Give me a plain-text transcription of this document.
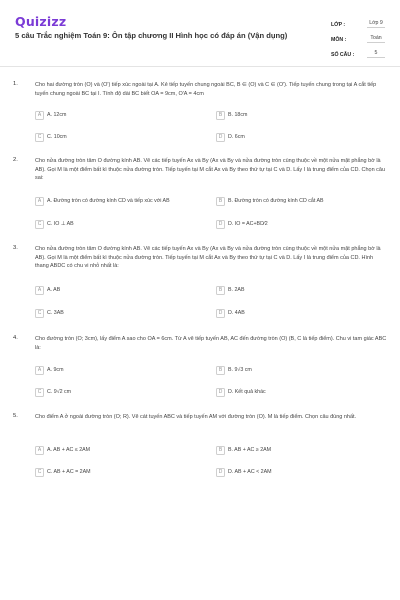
Quizizz
5 câu Trắc nghiệm Toán 9: Ôn tập chương II Hình học có đáp án (Vận dụng)
LỚP :	Lớp 9
MÔN :	Toán
SỐ CÂU :	5
1.	Cho hai đường tròn (O) và (O') tiếp xúc ngoài tại A. Kẻ tiếp tuyến chung ngoài BC, B ∈ (O) và C ∈ (O'). Tiếp tuyến chung trong tại A cắt tiếp tuyến chung ngoài BC tại I. Tính độ dài BC biết OA = 9cm, O'A = 4cm
A	A. 12cm	B	B. 18cm
C	C. 10cm	D	D. 6cm
2.	Cho nửa đường tròn tâm O đường kính AB. Vẽ các tiếp tuyến Ax và By (Ax và By và nửa đường tròn cùng thuộc về một nửa mặt phẳng bờ là AB). Gọi M là một điểm bất kì thuộc nửa đường tròn. Tiếp tuyến tại M cắt Ax và By theo thứ tự tại C và D. Lấy I là trung điểm của CD. Chọn câu sai:
A	A. Đường tròn có đường kính CD và tiếp xúc với AB	B	B. Đường tròn có đường kính CD cắt AB
C	C. IO ⊥ AB	D	D. IO = AC+BD⁄2
3.	Cho nửa đường tròn tâm O đường kính AB. Vẽ các tiếp tuyến Ax và By (Ax và By và nửa đường tròn cùng thuộc về một nửa mặt phẳng bờ là AB). Gọi M là một điểm bất kì thuộc nửa đường tròn. Tiếp tuyến tại M cắt Ax và By theo thứ tự tại C và D. Lấy I là trung điểm của CD. Hình thang ABDC có chu vi nhỏ nhất là:
A	A. AB	B	B. 2AB
C	C. 3AB	D	D. 4AB
4.	Cho đường tròn (O; 3cm), lấy điểm A sao cho OA = 6cm. Từ A vẽ tiếp tuyến AB, AC đến đường tròn (O) (B, C là tiếp điểm). Chu vi tam giác ABC là:
A	A. 9cm	B	B. 9√3 cm
C	C. 9√2 cm	D	D. Kết quả khác
5.	Cho điểm A ở ngoài đường tròn (O; R). Vẽ cát tuyến ABC và tiếp tuyến AM với đường tròn (O). M là tiếp điểm. Chọn câu đúng nhất.
A	A. AB + AC ≤ 2AM	B	B. AB + AC ≥ 2AM
C	C. AB + AC = 2AM	D	D. AB + AC < 2AM
